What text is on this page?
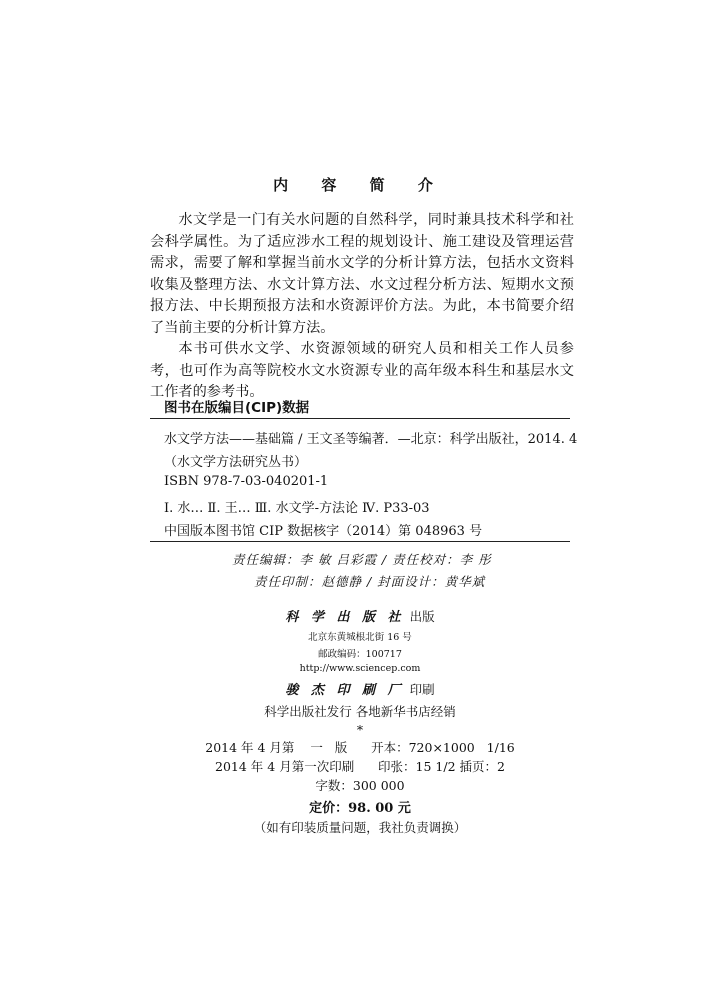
内 容 简 介

水文学是一门有关水问题的自然科学，同时兼具技术科学和社会科学属性。为了适应涉水工程的规划设计、施工建设及管理运营需求，需要了解和掌握当前水文学的分析计算方法，包括水文资料收集及整理方法、水文计算方法、水文过程分析方法、短期水文预报方法、中长期预报方法和水资源评价方法。为此，本书简要介绍了当前主要的分析计算方法。

本书可供水文学、水资源领域的研究人员和相关工作人员参考，也可作为高等院校水文水资源专业的高年级本科生和基层水文工作者的参考书。

图书在版编目(CIP)数据
水文学方法——基础篇 / 王文圣等编著．—北京：科学出版社，2014. 4
（水文学方法研究丛书）
ISBN 978-7-03-040201-1
Ⅰ. 水… Ⅱ. 王… Ⅲ. 水文学-方法论 Ⅳ. P33-03
中国版本图书馆 CIP 数据核字（2014）第 048963 号
责任编辑：李 敏 吕彩霞 / 责任校对：李 彤
责任印制：赵德静 / 封面设计：黄华斌
科 学 出 版 社 出版
北京东黄城根北街 16 号
邮政编码：100717
http://www.sciencep.com
骏 杰 印 刷 厂 印刷
科学出版社发行 各地新华书店经销
*
2014 年 4 月第    一   版      开本：720×1000   1/16
2014 年 4 月第一次印刷      印张：15 1/2 插页：2
字数：300 000
定价：98. 00 元
（如有印装质量问题，我社负责调换）
